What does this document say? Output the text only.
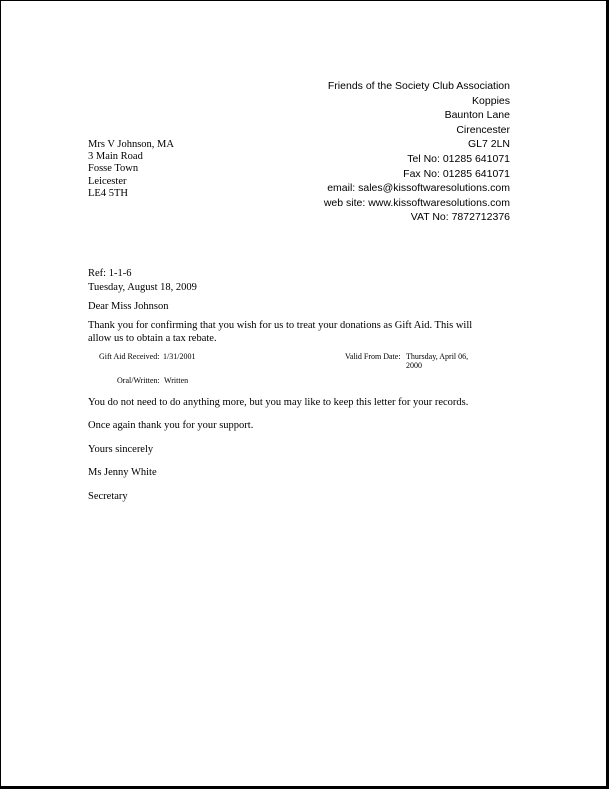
Friends of the Society Club Association
Koppies
Baunton Lane
Cirencester
GL7 2LN
Tel No: 01285 641071
Fax No: 01285 641071
email: sales@kissoftwaresolutions.com
web site: www.kissoftwaresolutions.com
VAT No: 7872712376
Mrs V Johnson, MA
3 Main Road
Fosse Town
Leicester
LE4 5TH
Ref: 1-1-6
Tuesday, August 18, 2009
Dear Miss Johnson
Thank you for confirming that you wish for us to treat your donations as Gift Aid. This will allow us to obtain a tax rebate.
Gift Aid Received: 1/31/2001	Valid From Date: Thursday, April 06, 2000
Oral/Written: Written
You do not need to do anything more, but you may like to keep this letter for your records.
Once again thank you for your support.
Yours sincerely
Ms Jenny White
Secretary
